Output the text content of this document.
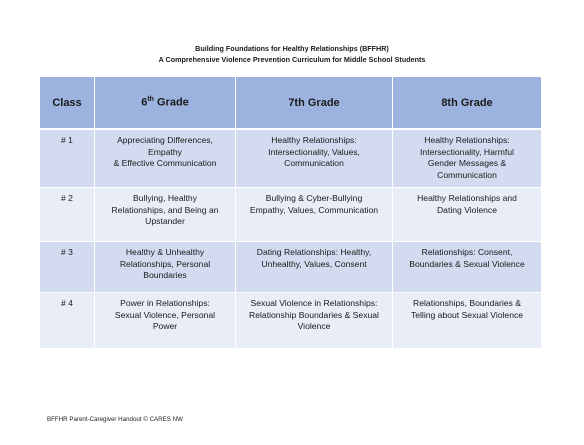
Building Foundations for Healthy Relationships (BFFHR)
A Comprehensive Violence Prevention Curriculum for Middle School Students
Class	6th Grade	7th Grade	8th Grade
# 1	Appreciating Differences,
Empathy
& Effective Communication	Healthy Relationships:
Intersectionality, Values,
Communication	Healthy Relationships:
Intersectionality, Harmful
Gender Messages &
Communication

# 2	Bullying, Healthy
Relationships, and Being an
Upstander	Bullying & Cyber-Bullying
Empathy, Values, Communication	Healthy Relationships and
Dating Violence

# 3	Healthy & Unhealthy
Relationships, Personal
Boundaries	Dating Relationships: Healthy,
Unhealthy, Values, Consent	Relationships: Consent,
Boundaries & Sexual Violence

# 4	Power in Relationships:
Sexual Violence, Personal
Power	Sexual Violence in Relationships:
Relationship Boundaries & Sexual
Violence	Relationships, Boundaries &
Telling about Sexual Violence
BFFHR Parent-Caregiver Handout © CARES NW
